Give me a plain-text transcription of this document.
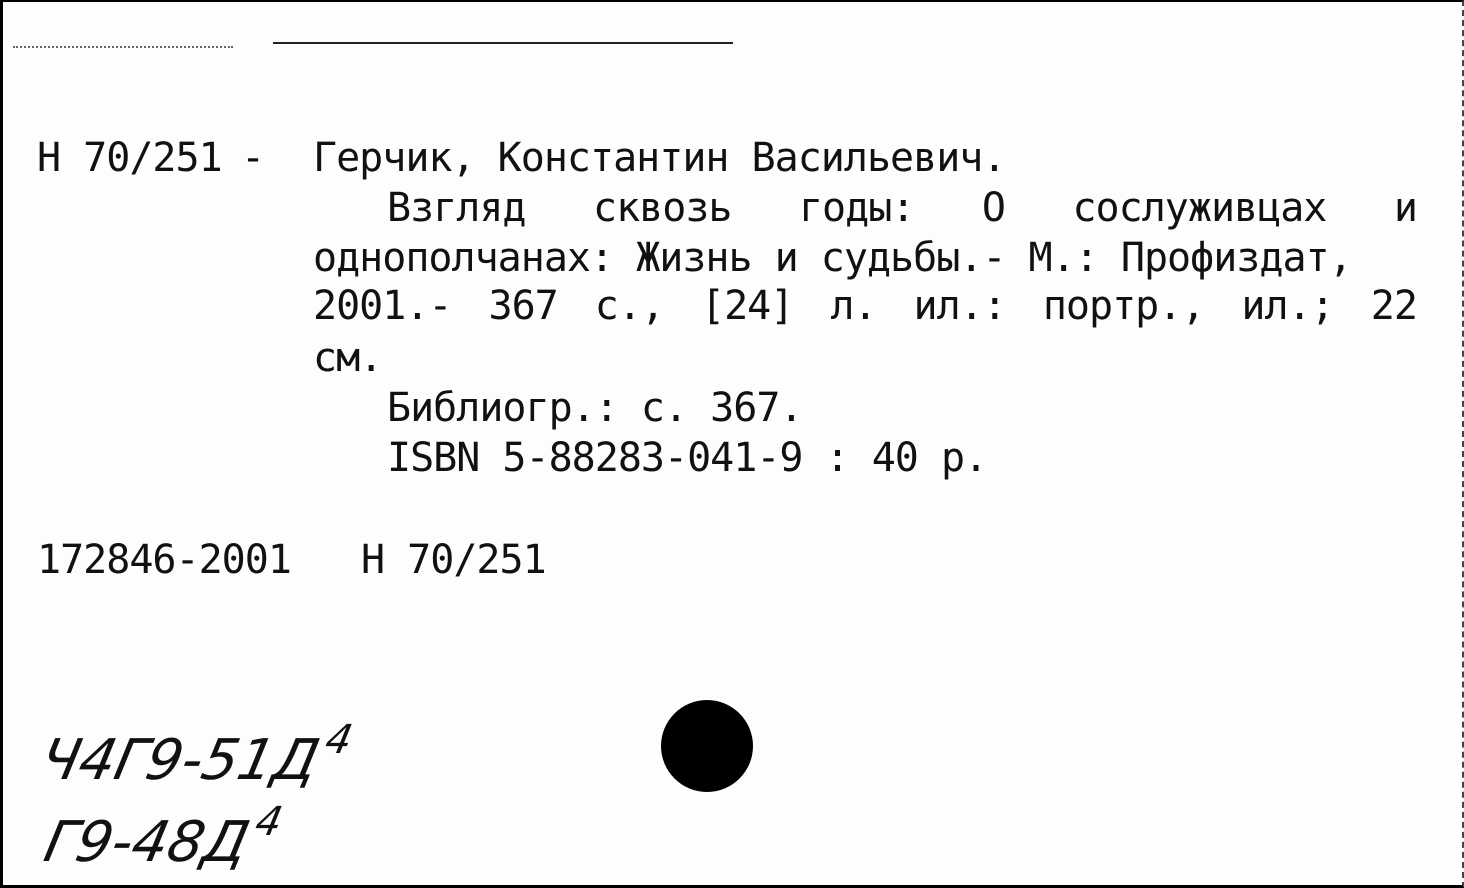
Н 70/251 - Герчик, Константин Васильевич.
Взгляд сквозь годы: О сослуживцах и
однополчанах: Жизнь и судьбы.- М.: Профиздат,
2001.- 367 с., [24] л. ил.: портр., ил.; 22
см.
Библиогр.: с. 367.
ISBN 5-88283-041-9 : 40 р.
172846-2001 Н 70/251
$Ч4Г9-51Д^4$
$Г9-48Д^4$
